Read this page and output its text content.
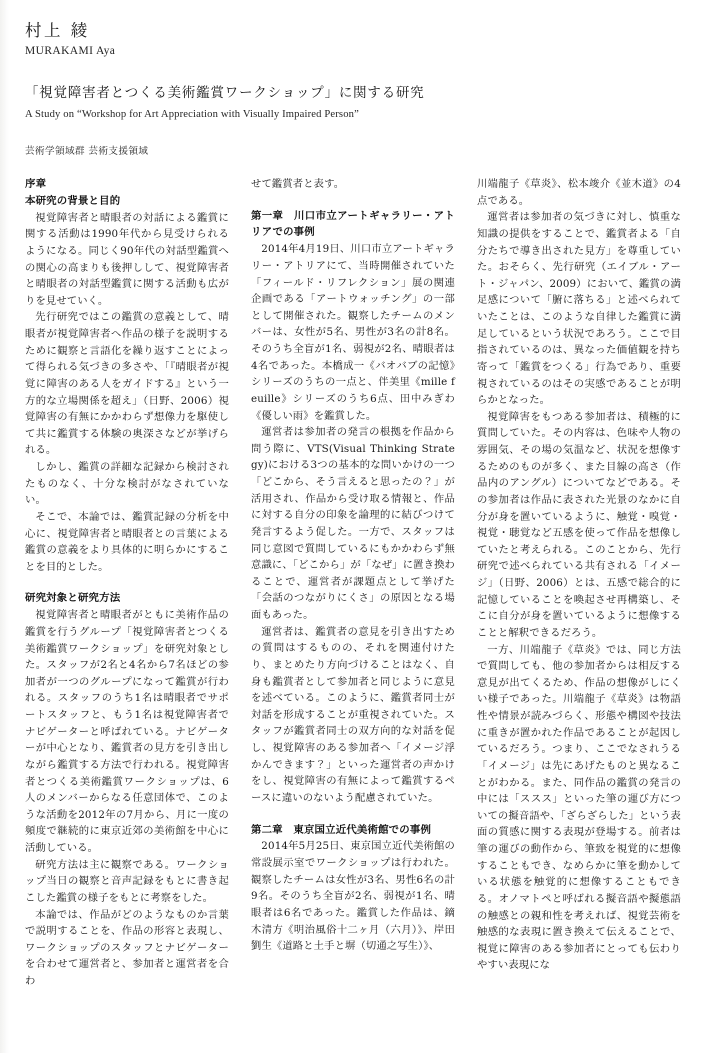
村上 綾
MURAKAMI Aya
「視覚障害者とつくる美術鑑賞ワークショップ」に関する研究
A Study on “Workshop for Art Appreciation with Visually Impaired Person”
芸術学領域群 芸術支援領域
序章
本研究の背景と目的

視覚障害者と晴眼者の対話による鑑賞に関する活動は1990年代から見受けられるようになる。同じく90年代の対話型鑑賞への関心の高まりも後押しして、視覚障害者と晴眼者の対話型鑑賞に関する活動も広がりを見せていく。

先行研究ではこの鑑賞の意義として、晴眼者が視覚障害者へ作品の様子を説明するために観察と言語化を繰り返すことによって得られる気づきの多さや、「『晴眼者が視覚に障害のある人をガイドする』という一方的な立場関係を超え」（日野、2006）視覚障害の有無にかかわらず想像力を駆使して共に鑑賞する体験の奥深さなどが挙げられる。

しかし、鑑賞の詳細な記録から検討されたものなく、十分な検討がなされていない。

そこで、本論では、鑑賞記録の分析を中心に、視覚障害者と晴眼者との言葉による鑑賞の意義をより具体的に明らかにすることを目的とした。

研究対象と研究方法

視覚障害者と晴眼者がともに美術作品の鑑賞を行うグループ「視覚障害者とつくる美術鑑賞ワークショップ」を研究対象とした。スタッフが2名と4名から7名ほどの参加者が一つのグループになって鑑賞が行われる。スタッフのうち1名は晴眼者でサポートスタッフと、もう1名は視覚障害者でナビゲーターと呼ばれている。ナビゲーターが中心となり、鑑賞者の見方を引き出しながら鑑賞する方法で行われる。視覚障害者とつくる美術鑑賞ワークショップは、6人のメンバーからなる任意団体で、このような活動を2012年の7月から、月に一度の頻度で継続的に東京近郊の美術館を中心に活動している。

研究方法は主に観察である。ワークショップ当日の観察と音声記録をもとに書き起こした鑑賞の様子をもとに考察をした。

本論では、作品がどのようなものか言葉で説明することを、作品の形容と表現し、ワークショップのスタッフとナビゲーターを合わせて運営者と、参加者と運営者を合わ

せて鑑賞者と表す。

第一章　川口市立アートギャラリー・アトリアでの事例

2014年4月19日、川口市立アートギャラリー・アトリアにて、当時開催されていた「フィールド・リフレクション」展の関連企画である「アートウォッチング」の一部として開催された。観察したチームのメンバーは、女性が5名、男性が3名の計8名。そのうち全盲が1名、弱視が2名、晴眼者は4名であった。本橋成一《バオバブの記憶》シリーズのうちの一点と、伴美里《mille feuille》シリーズのうち6点、田中みぎわ《優しい雨》を鑑賞した。

運営者は参加者の発言の根拠を作品から問う際に、VTS(Visual Thinking Strategy)における3つの基本的な問いかけの一つ「どこから、そう言えると思ったの？」が活用され、作品から受け取る情報と、作品に対する自分の印象を論理的に結びつけて発言するよう促した。一方で、スタッフは同じ意図で質問しているにもかかわらず無意識に、「どこから」が「なぜ」に置き換わることで、運営者が課題点として挙げた「会話のつながりにくさ」の原因となる場面もあった。

運営者は、鑑賞者の意見を引き出すための質問はするものの、それを関連付けたり、まとめたり方向づけることはなく、自身も鑑賞者として参加者と同じように意見を述べている。このように、鑑賞者同士が対話を形成することが重視されていた。スタッフが鑑賞者同士の双方向的な対話を促し、視覚障害のある参加者へ「イメージ浮かんできます？」といった運営者の声かけをし、視覚障害の有無によって鑑賞するペースに違いのないよう配慮されていた。

第二章　東京国立近代美術館での事例

2014年5月25日、東京国立近代美術館の常設展示室でワークショップは行われた。観察したチームは女性が3名、男性6名の計9名。そのうち全盲が2名、弱視が1名、晴眼者は6名であった。鑑賞した作品は、鏑木清方《明治風俗十二ヶ月（六月）》、岸田劉生《道路と土手と塀（切通之写生）》、

川端龍子《草炎》、松本竣介《並木道》の4点である。

運営者は参加者の気づきに対し、慎重な知識の提供をすることで、鑑賞者よる「自分たちで導き出された見方」を尊重していた。おそらく、先行研究（エイブル・アート・ジャパン、2009）において、鑑賞の満足感について「腑に落ちる」と述べられていたことは、このような自律した鑑賞に満足しているという状況であろう。ここで目指されているのは、異なった価値観を持ち寄って「鑑賞をつくる」行為であり、重要視されているのはその実感であることが明らかとなった。

視覚障害をもつある参加者は、積極的に質問していた。その内容は、色味や人物の雰囲気、その場の気温など、状況を想像するためのものが多く、また目線の高さ（作品内のアングル）についてなどである。その参加者は作品に表された光景のなかに自分が身を置いているように、触覚・嗅覚・視覚・聴覚など五感を使って作品を想像していたと考えられる。このことから、先行研究で述べられている共有される「イメージ」（日野、2006）とは、五感で総合的に記憶していることを喚起させ再構築し、そこに自分が身を置いているように想像することと解釈できるだろう。

一方、川端龍子《草炎》では、同じ方法で質問しても、他の参加者からは相反する意見が出てくるため、作品の想像がしにくい様子であった。川端龍子《草炎》は物語性や情景が読みづらく、形態や構図や技法に重きが置かれた作品であることが起因しているだろう。つまり、ここでなされうる「イメージ」は先にあげたものと異なることがわかる。また、同作品の鑑賞の発言の中には「ススス」といった筆の運び方についての擬音語や、「ざらざらした」という表面の質感に関する表現が登場する。前者は筆の運びの動作から、筆致を視覚的に想像することもでき、なめらかに筆を動かしている状態を触覚的に想像することもできる。オノマトペと呼ばれる擬音語や擬態語の触感との親和性を考えれば、視覚芸術を触感的な表現に置き換えて伝えることで、視覚に障害のある参加者にとっても伝わりやすい表現にな
